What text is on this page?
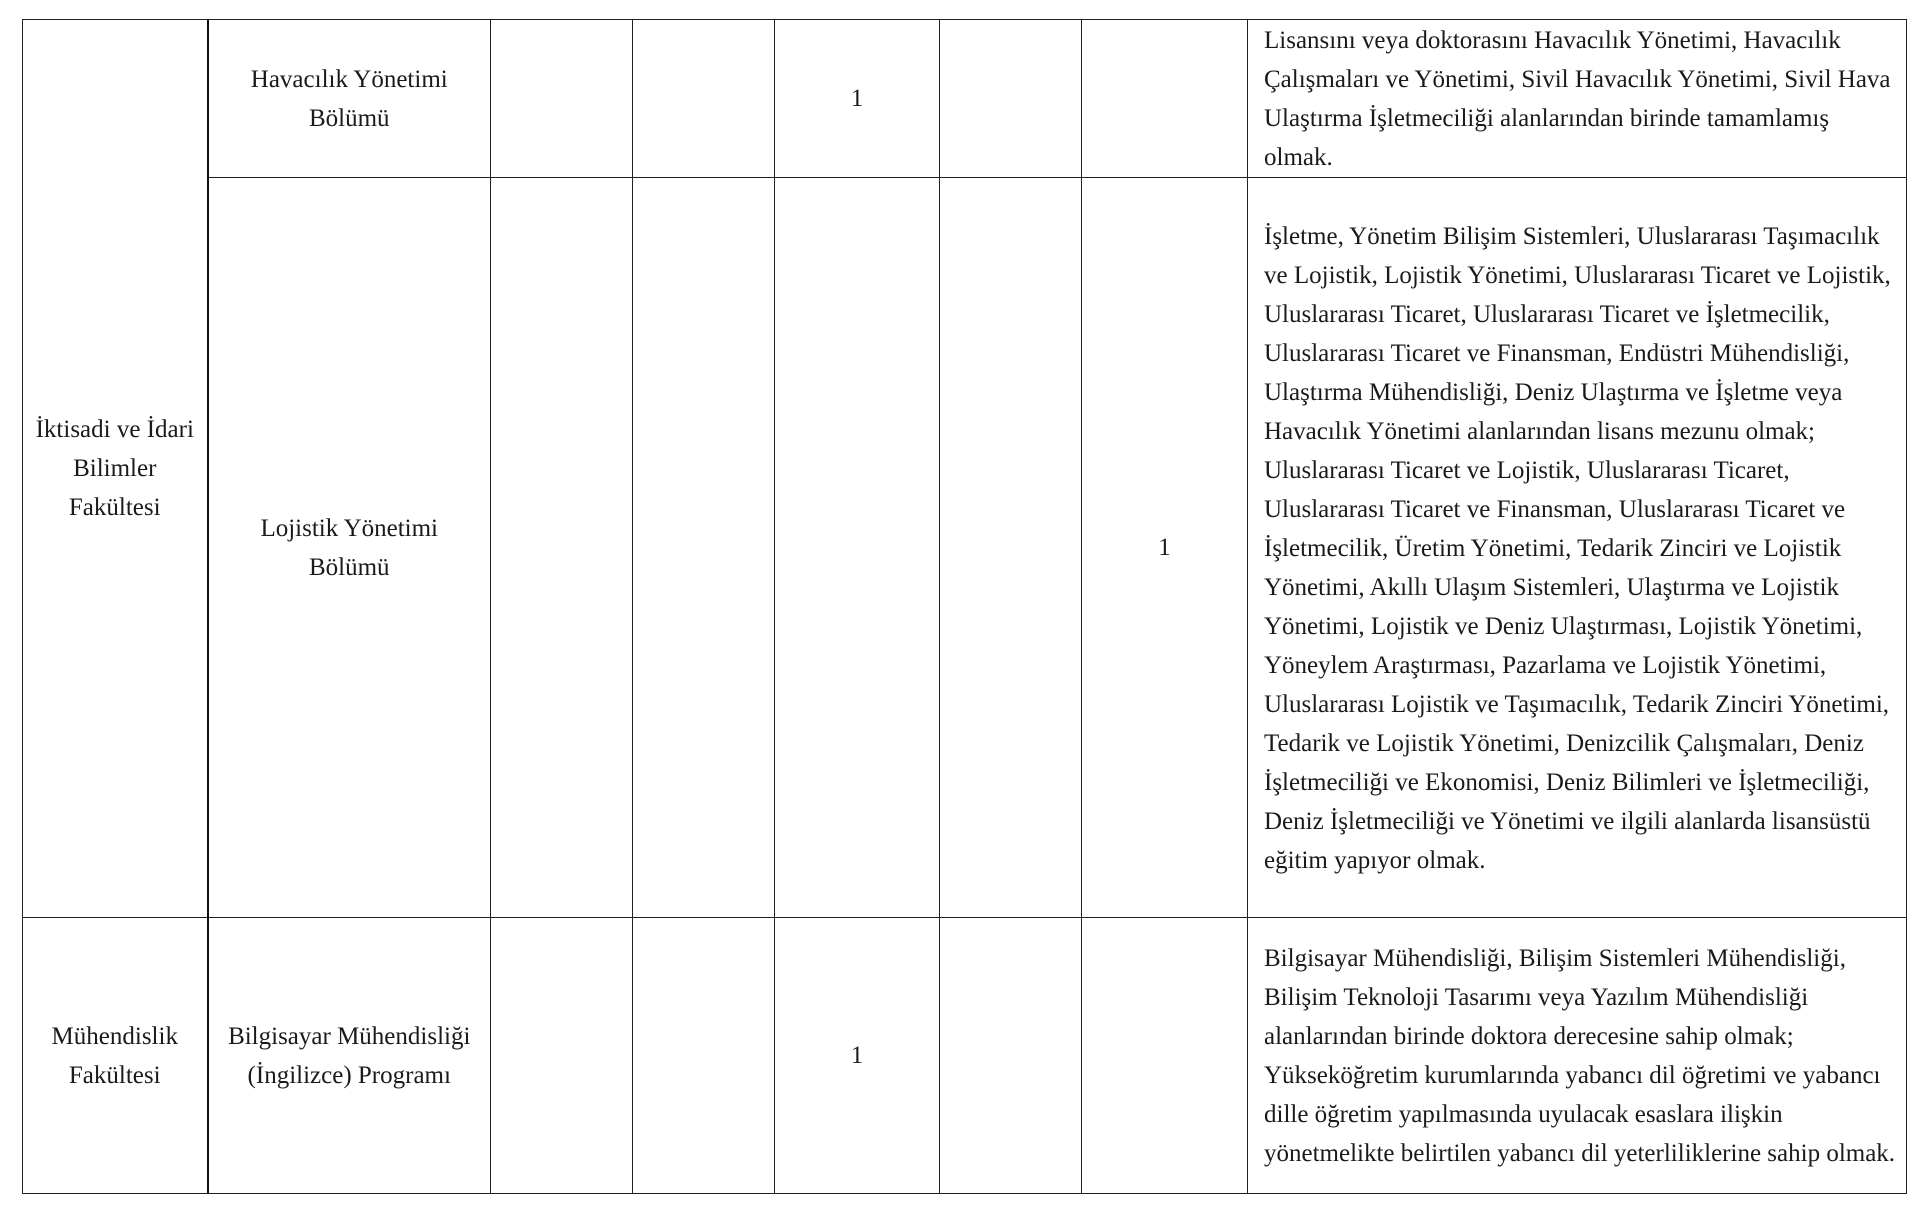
İktisadi ve İdari Bilimler Fakültesi	Havacılık Yönetimi Bölümü			1			Lisansını veya doktorasını Havacılık Yönetimi, Havacılık Çalışmaları ve Yönetimi, Sivil Havacılık Yönetimi, Sivil Hava Ulaştırma İşletmeciliği alanlarından birinde tamamlamış olmak.
	Lojistik Yönetimi Bölümü					1	İşletme, Yönetim Bilişim Sistemleri, Uluslararası Taşımacılık ve Lojistik, Lojistik Yönetimi, Uluslararası Ticaret ve Lojistik, Uluslararası Ticaret, Uluslararası Ticaret ve İşletmecilik, Uluslararası Ticaret ve Finansman, Endüstri Mühendisliği, Ulaştırma Mühendisliği, Deniz Ulaştırma ve İşletme veya Havacılık Yönetimi alanlarından lisans mezunu olmak; Uluslararası Ticaret ve Lojistik, Uluslararası Ticaret, Uluslararası Ticaret ve Finansman, Uluslararası Ticaret ve İşletmecilik, Üretim Yönetimi, Tedarik Zinciri ve Lojistik Yönetimi, Akıllı Ulaşım Sistemleri, Ulaştırma ve Lojistik Yönetimi, Lojistik ve Deniz Ulaştırması, Lojistik Yönetimi, Yöneylem Araştırması, Pazarlama ve Lojistik Yönetimi, Uluslararası Lojistik ve Taşımacılık, Tedarik Zinciri Yönetimi, Tedarik ve Lojistik Yönetimi, Denizcilik Çalışmaları, Deniz İşletmeciliği ve Ekonomisi, Deniz Bilimleri ve İşletmeciliği, Deniz İşletmeciliği ve Yönetimi ve ilgili alanlarda lisansüstü eğitim yapıyor olmak.
Mühendislik Fakültesi	Bilgisayar Mühendisliği (İngilizce) Programı			1			Bilgisayar Mühendisliği, Bilişim Sistemleri Mühendisliği, Bilişim Teknoloji Tasarımı veya Yazılım Mühendisliği alanlarından birinde doktora derecesine sahip olmak; Yükseköğretim kurumlarında yabancı dil öğretimi ve yabancı dille öğretim yapılmasında uyulacak esaslara ilişkin yönetmelikte belirtilen yabancı dil yeterliliklerine sahip olmak.
